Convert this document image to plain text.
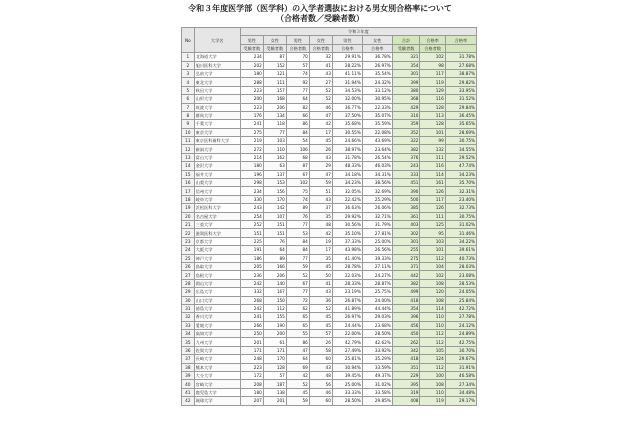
令和３年度医学部（医学科）の入学者選抜における男女別合格率について
（合格者数／受験者数）
No	大学名	令和３年度								
		男性	女性	男性	女性	男性	女性	合計	合格率	合格率
		受験者数	受験者数	合格者数	合格者数	合格率	合格率	受験者数	合格者数	
1	北海道大学	234	87	70	32	29.91%	36.78%	321	102	31.78%
2	旭川医科大学	202	152	57	41	28.22%	26.97%	354	98	27.68%
3	弘前大学	180	121	74	43	41.11%	35.54%	301	117	38.87%
4	東北大学	288	111	92	27	31.94%	24.32%	399	119	29.82%
5	秋田大学	223	157	77	52	34.53%	33.12%	380	129	33.95%
6	山形大学	200	168	64	52	32.00%	30.95%	368	116	31.52%
7	筑波大学	223	206	82	46	36.77%	22.33%	429	128	29.84%
8	群馬大学	176	134	66	47	37.50%	35.07%	310	113	36.45%
9	千葉大学	241	118	86	42	35.68%	35.59%	359	128	35.65%
10	東京大学	275	77	84	17	30.55%	22.08%	352	101	28.69%
11	東京医科歯科大学	219	103	54	45	24.66%	43.69%	322	99	30.75%
12	新潟大学	272	110	106	26	38.97%	23.64%	382	132	34.55%
13	富山大学	214	162	68	43	31.78%	26.54%	376	111	29.52%
14	金沢大学	180	63	87	29	48.33%	46.03%	243	116	47.74%
15	福井大学	196	137	67	47	34.18%	34.31%	333	114	34.23%
16	山梨大学	298	153	102	59	34.23%	38.56%	451	161	35.70%
17	信州大学	234	156	75	51	32.05%	32.69%	390	126	32.31%
18	岐阜大学	330	170	74	43	22.42%	25.29%	500	117	23.40%
19	浜松医科大学	243	142	89	37	36.63%	26.06%	385	126	32.73%
20	名古屋大学	254	107	76	35	29.92%	32.71%	361	111	30.75%
21	三重大学	252	151	77	48	30.56%	31.79%	403	125	31.02%
22	滋賀医科大学	151	151	53	42	35.10%	27.81%	302	95	31.46%
23	京都大学	225	76	84	19	37.33%	25.00%	301	103	34.22%
24	大阪大学	191	64	84	17	43.98%	26.56%	255	101	39.61%
25	神戸大学	186	89	77	35	41.40%	39.33%	275	112	40.73%
26	鳥取大学	205	166	59	45	28.78%	27.11%	371	104	28.03%
27	島根大学	236	206	52	50	22.03%	24.27%	442	102	23.08%
28	岡山大学	242	140	67	41	28.33%	28.87%	382	108	28.53%
29	広島大学	332	167	77	43	23.19%	25.75%	499	120	24.05%
30	山口大学	268	150	72	36	26.87%	24.00%	418	108	25.84%
31	徳島大学	242	112	62	52	41.89%	44.44%	354	114	42.72%
32	香川大学	241	155	65	45	26.97%	29.03%	396	110	27.78%
33	愛媛大学	266	190	65	45	24.44%	23.68%	456	110	24.12%
34	高知大学	250	200	55	57	22.00%	28.50%	450	112	24.89%
35	九州大学	201	61	86	26	42.79%	42.62%	262	112	42.75%
36	佐賀大学	171	171	47	58	27.49%	33.92%	342	105	30.70%
37	長崎大学	248	170	64	60	25.81%	35.29%	418	124	29.67%
38	熊本大学	223	128	69	43	30.94%	33.59%	351	112	31.91%
39	大分大学	172	57	42	48	39.45%	49.37%	229	100	46.58%
40	宮崎大学	208	187	52	56	25.00%	31.02%	395	108	27.34%
41	鹿児島大学	180	138	45	46	33.33%	33.58%	319	110	34.48%
42	琉球大学	207	201	59	60	28.50%	29.85%	408	119	29.17%
